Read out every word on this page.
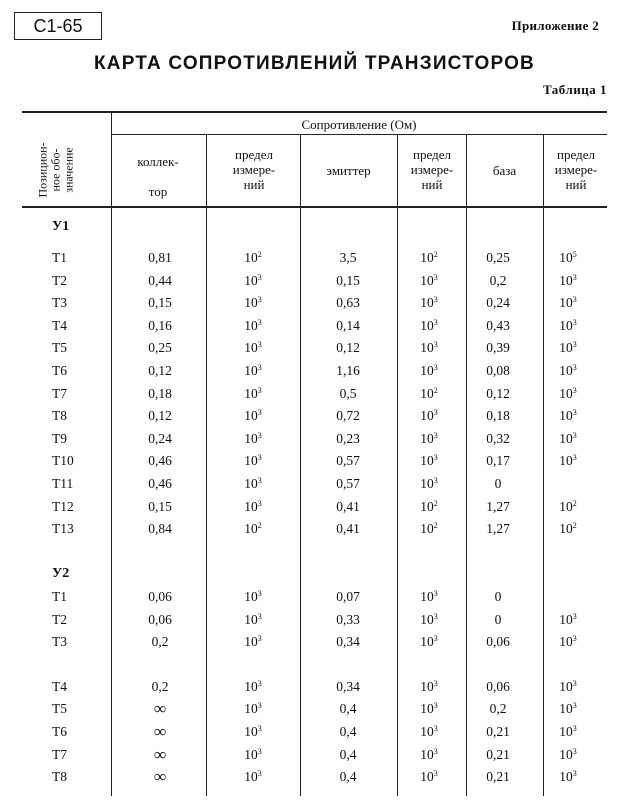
С1-65	Приложение 2
КАРТА СОПРОТИВЛЕНИЙ ТРАНЗИСТОРОВ
Таблица 1
Позицион-
ное обо-
значение
Сопротивление (Ом)
коллек-

тор
предел
измере-
ний
эмиттер
предел
измере-
ний
база
предел
измере-
ний
У1
Т1	0,81	$10^2$	3,5	$10^2$	0,25	$10^5$
Т2	0,44	$10^3$	0,15	$10^3$	0,2	$10^3$
Т3	0,15	$10^3$	0,63	$10^3$	0,24	$10^3$
Т4	0,16	$10^3$	0,14	$10^3$	0,43	$10^3$
Т5	0,25	$10^3$	0,12	$10^3$	0,39	$10^3$
Т6	0,12	$10^3$	1,16	$10^3$	0,08	$10^3$
Т7	0,18	$10^3$	0,5	$10^2$	0,12	$10^3$
Т8	0,12	$10^3$	0,72	$10^3$	0,18	$10^3$
Т9	0,24	$10^3$	0,23	$10^3$	0,32	$10^3$
Т10	0,46	$10^3$	0,57	$10^3$	0,17	$10^3$
Т11	0,46	$10^3$	0,57	$10^3$	0
Т12	0,15	$10^3$	0,41	$10^2$	1,27	$10^2$
Т13	0,84	$10^2$	0,41	$10^2$	1,27	$10^2$
У2
Т1	0,06	$10^3$	0,07	$10^3$	0
Т2	0,06	$10^3$	0,33	$10^3$	0	$10^3$
Т3	0,2	$10^3$	0,34	$10^3$	0,06	$10^3$
Т4	0,2	$10^3$	0,34	$10^3$	0,06	$10^3$
Т5	∞	$10^3$	0,4	$10^3$	0,2	$10^3$
Т6	∞	$10^3$	0,4	$10^3$	0,21	$10^3$
Т7	∞	$10^3$	0,4	$10^3$	0,21	$10^3$
Т8	∞	$10^3$	0,4	$10^3$	0,21	$10^3$
